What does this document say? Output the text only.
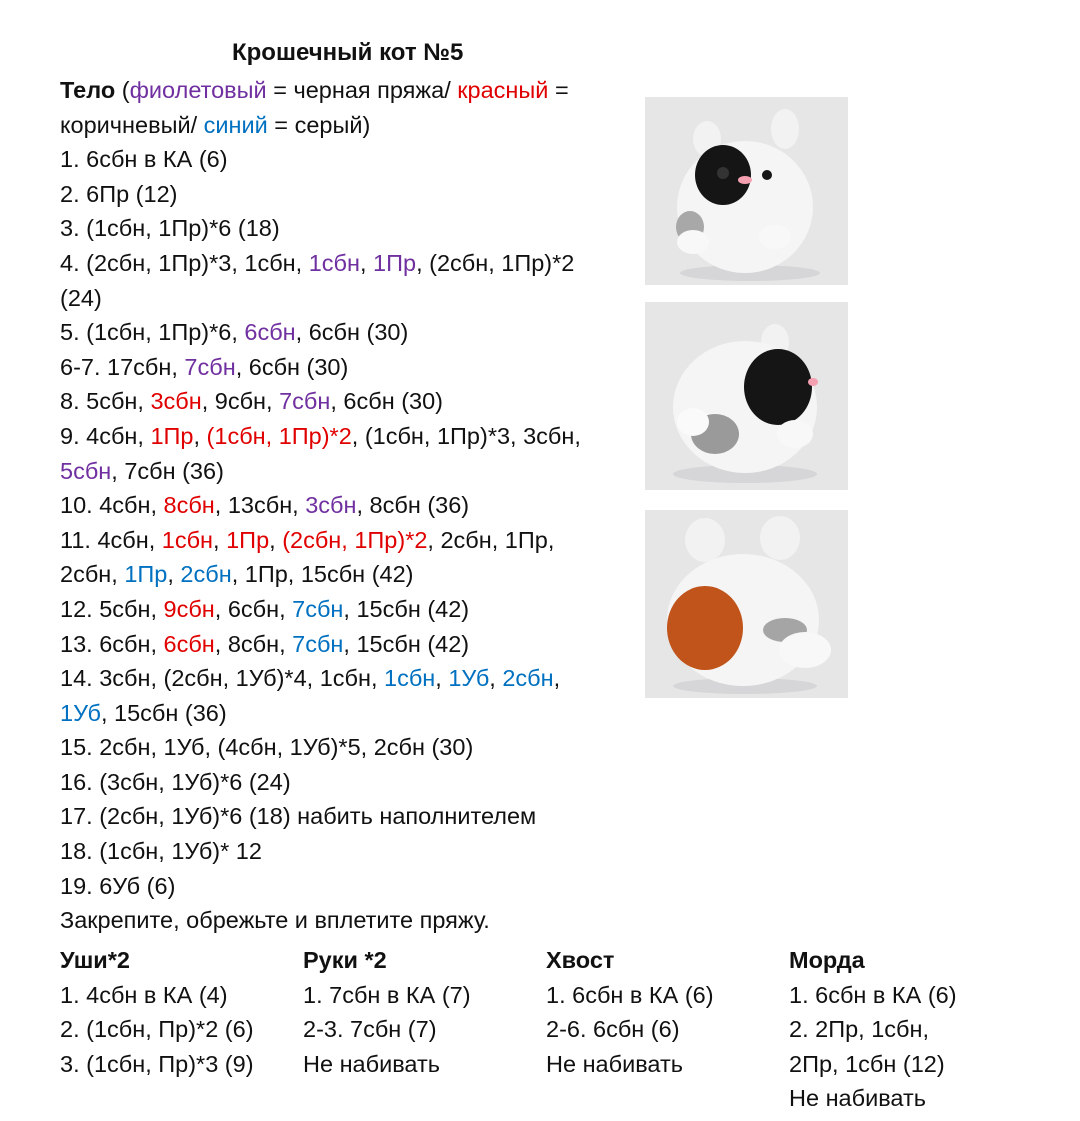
Крошечный кот №5
Тело (фиолетовый = черная пряжа/ красный =
коричневый/ синий = серый)
1. 6сбн в КА (6)
2. 6Пр (12)
3. (1сбн, 1Пр)*6 (18)
4. (2сбн, 1Пр)*3, 1сбн, 1сбн, 1Пр, (2сбн, 1Пр)*2
(24)
5. (1сбн, 1Пр)*6, 6сбн, 6сбн (30)
6-7. 17сбн, 7сбн, 6сбн (30)
8. 5сбн, 3сбн, 9сбн, 7сбн, 6сбн (30)
9. 4сбн, 1Пр, (1сбн, 1Пр)*2, (1сбн, 1Пр)*3, 3сбн,
5сбн, 7сбн (36)
10. 4сбн, 8сбн, 13сбн, 3сбн, 8сбн (36)
11. 4сбн, 1сбн, 1Пр, (2сбн, 1Пр)*2, 2сбн, 1Пр,
2сбн, 1Пр, 2сбн, 1Пр, 15сбн (42)
12. 5сбн, 9сбн, 6сбн, 7сбн, 15сбн (42)
13. 6сбн, 6сбн, 8сбн, 7сбн, 15сбн (42)
14. 3сбн, (2сбн, 1Уб)*4, 1сбн, 1сбн, 1Уб, 2сбн,
1Уб, 15сбн (36)
15. 2сбн, 1Уб, (4сбн, 1Уб)*5, 2сбн (30)
16. (3сбн, 1Уб)*6 (24)
17. (2сбн, 1Уб)*6 (18) набить наполнителем
18. (1сбн, 1Уб)* 12
19. 6Уб (6)
Закрепите, обрежьте и вплетите пряжу.
Уши*2
1. 4сбн в КА (4)
2. (1сбн, Пр)*2 (6)
3. (1сбн, Пр)*3 (9)
Руки *2
1. 7сбн в КА (7)
2-3. 7сбн (7)
Не набивать
Хвост
1. 6сбн в КА (6)
2-6. 6сбн (6)
Не набивать
Морда
1. 6сбн в КА (6)
2. 2Пр, 1сбн,
2Пр, 1сбн (12)
Не набивать
